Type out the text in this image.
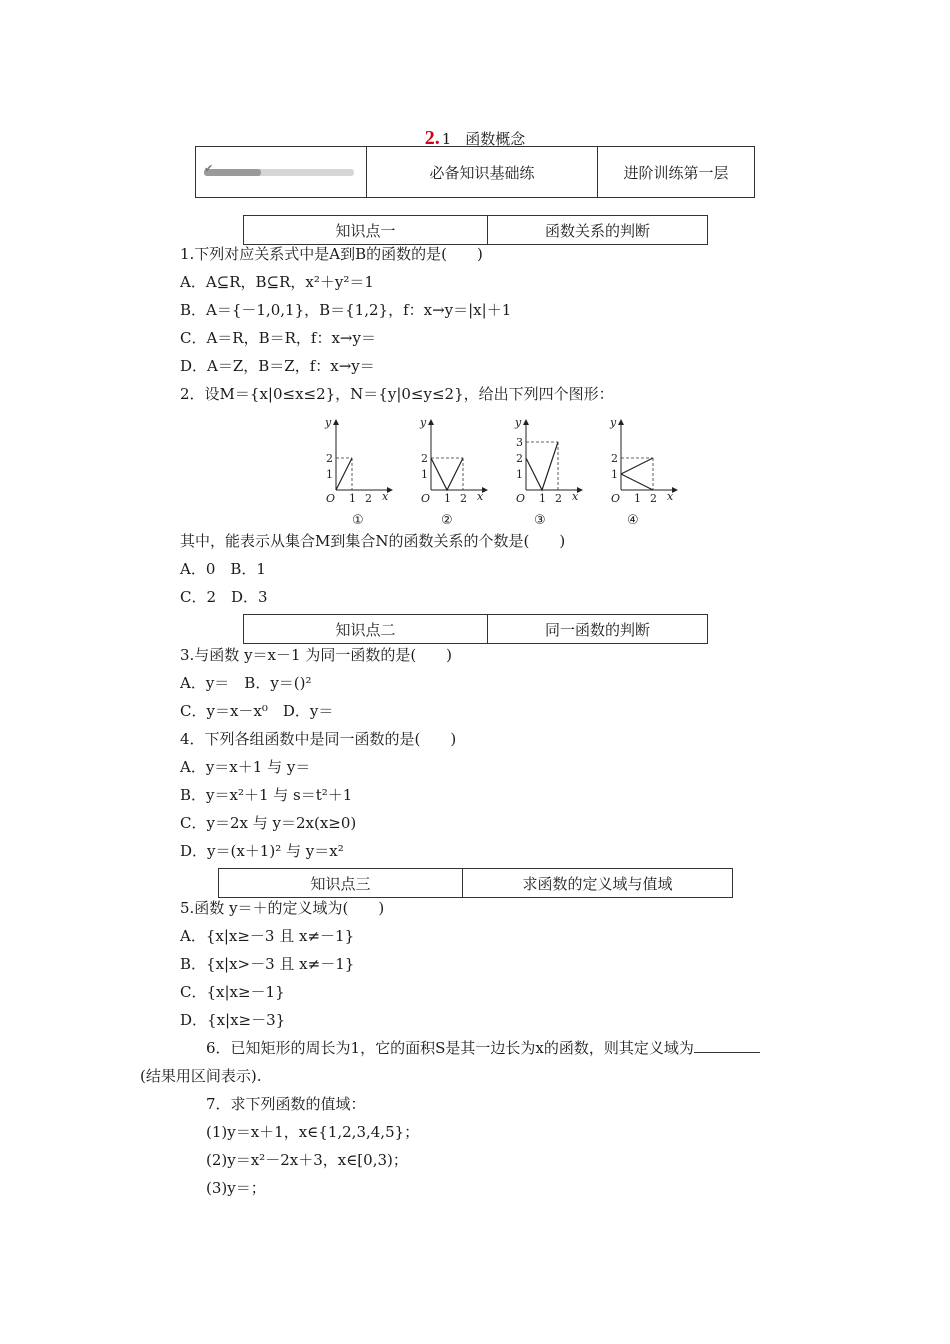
2. 1 函数概念
✔	必备知识基础练	进阶训练第一层
知识点一	函数关系的判断
1.下列对应关系式中是A到B的函数的是(　　)
A．A⊆R，B⊆R，x²＋y²＝1
B．A＝{－1,0,1}，B＝{1,2}，f：x→y＝|x|＋1
C．A＝R，B＝R，f：x→y＝
D．A＝Z，B＝Z，f：x→y＝
2．设M＝{x|0≤x≤2}，N＝{y|0≤y≤2}，给出下列四个图形：
y
2
1
O 1 2 x
①
y
2
1
O 1 2 x
②
y
3
2
1
O 1 2 x
③
y
2
1
O 1 2 x
④
其中，能表示从集合M到集合N的函数关系的个数是(　　)
A．0　B．1
C．2　D．3
知识点二	同一函数的判断
3.与函数 y＝x－1 为同一函数的是(　　)
A．y＝　B．y＝()²
C．y＝x－x⁰　D．y＝
4．下列各组函数中是同一函数的是(　　)
A．y＝x＋1 与 y＝
B．y＝x²＋1 与 s＝t²＋1
C．y＝2x 与 y＝2x(x≥0)
D．y＝(x＋1)² 与 y＝x²
知识点三	求函数的定义域与值域
5.函数 y＝＋的定义域为(　　)
A．{x|x≥－3 且 x≠－1}
B．{x|x>－3 且 x≠－1}
C．{x|x≥－1}
D．{x|x≥－3}
6．已知矩形的周长为1，它的面积S是其一边长为x的函数，则其定义域为
(结果用区间表示).
7．求下列函数的值域：
(1)y＝x＋1，x∈{1,2,3,4,5}；
(2)y＝x²－2x＋3，x∈[0,3)；
(3)y＝；
